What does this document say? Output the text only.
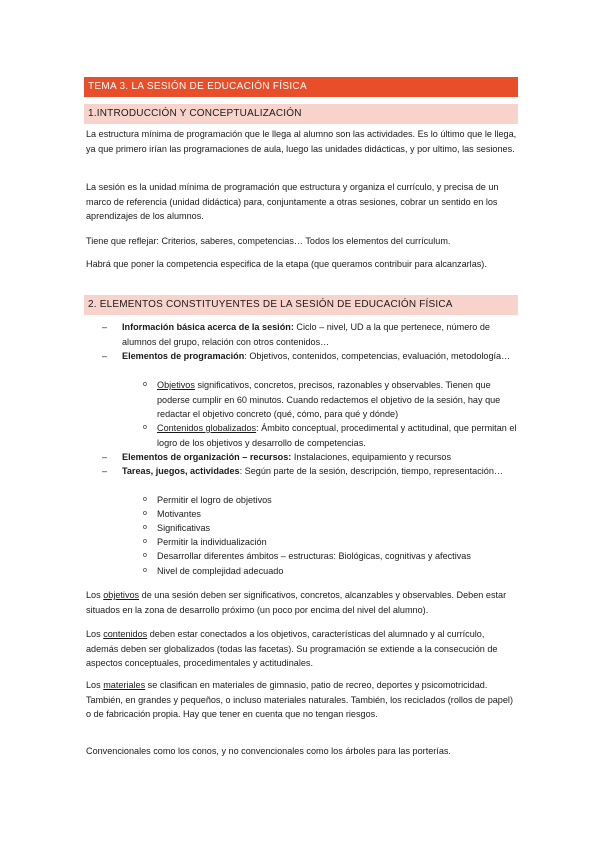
TEMA 3. LA SESIÓN DE EDUCACIÓN FÍSICA
1.INTRODUCCIÓN Y CONCEPTUALIZACIÓN

La estructura mínima de programación que le llega al alumno son las actividades. Es lo último que le llega, ya que primero irían las programaciones de aula, luego las unidades didácticas, y por ultimo, las sesiones.

La sesión es la unidad mínima de programación que estructura y organiza el currículo, y precisa de un marco de referencia (unidad didáctica) para, conjuntamente a otras sesiones, cobrar un sentido en los aprendizajes de los alumnos.

Tiene que reflejar: Criterios, saberes, competencias… Todos los elementos del currículum.

Habrá que poner la competencia especifica de la etapa (que queramos contribuir para alcanzarlas).

2. ELEMENTOS CONSTITUYENTES DE LA SESIÓN DE EDUCACIÓN FÍSICA
– Información básica acerca de la sesión: Ciclo – nivel, UD a la que pertenece, número de alumnos del grupo, relación con otros contenidos…
– Elementos de programación: Objetivos, contenidos, competencias, evaluación, metodología…
o Objetivos significativos, concretos, precisos, razonables y observables. Tienen que poderse cumplir en 60 minutos. Cuando redactemos el objetivo de la sesión, hay que redactar el objetivo concreto (qué, cómo, para qué y dónde)
o Contenidos globalizados: Ámbito conceptual, procedimental y actitudinal, que permitan el logro de los objetivos y desarrollo de competencias.
– Elementos de organización – recursos: Instalaciones, equipamiento y recursos
– Tareas, juegos, actividades: Según parte de la sesión, descripción, tiempo, representación…
o Permitir el logro de objetivos
o Motivantes
o Significativas
o Permitir la individualización
o Desarrollar diferentes ámbitos – estructuras: Biológicas, cognitivas y afectivas
o Nivel de complejidad adecuado

Los objetivos de una sesión deben ser significativos, concretos, alcanzables y observables. Deben estar situados en la zona de desarrollo próximo (un poco por encima del nivel del alumno).

Los contenidos deben estar conectados a los objetivos, características del alumnado y al currículo, además deben ser globalizados (todas las facetas). Su programación se extiende a la consecución de aspectos conceptuales, procedimentales y actitudinales.

Los materiales se clasifican en materiales de gimnasio, patio de recreo, deportes y psicomotricidad. También, en grandes y pequeños, o incluso materiales naturales. También, los reciclados (rollos de papel) o de fabricación propia. Hay que tener en cuenta que no tengan riesgos.

Convencionales como los conos, y no convencionales como los árboles para las porterías.
